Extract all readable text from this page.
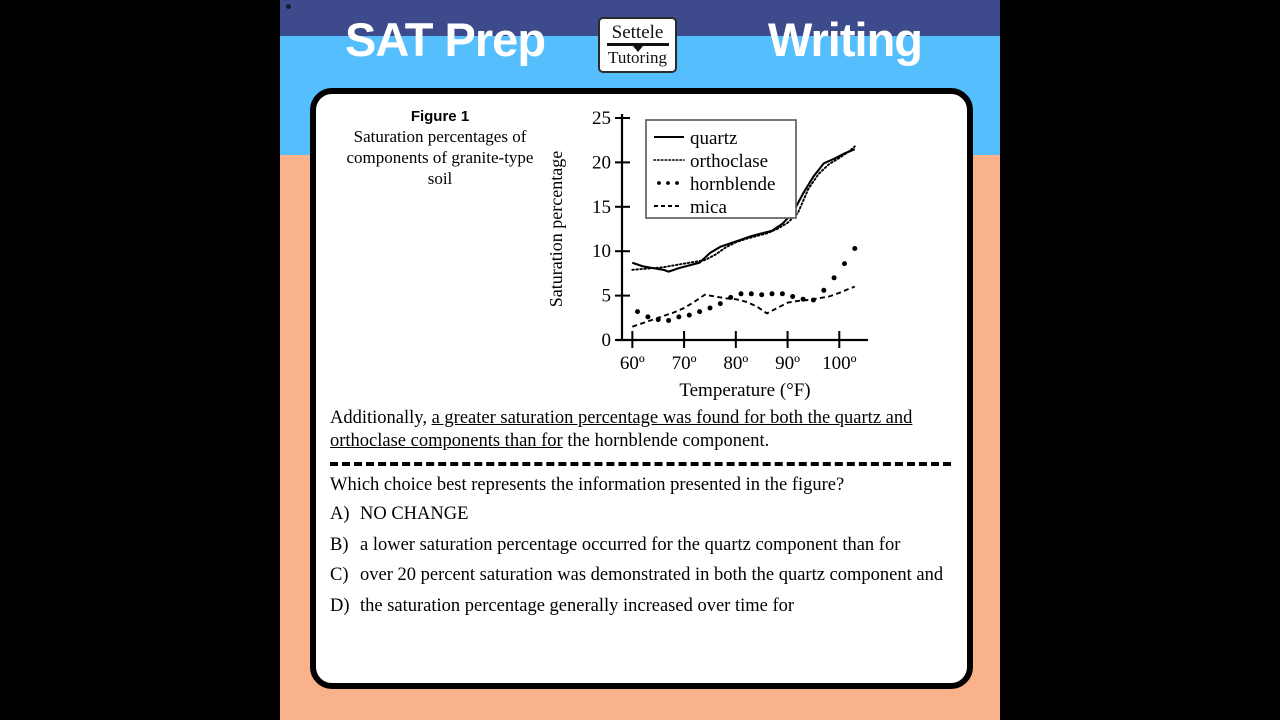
SAT Prep	Writing
Settele
Tutoring
Figure 1
Saturation percentages of components of granite-type soil
0
5
10
15
20
25
60º 70º 80º 90º 100º
Temperature (°F)
Saturation percentage
quartz
orthoclase
hornblende
mica

Additionally, a greater saturation percentage was found for both the quartz and orthoclase components than for the hornblende component.

Which choice best represents the information presented in the figure?

A) NO CHANGE
B) a lower saturation percentage occurred for the quartz component than for
C) over 20 percent saturation was demonstrated in both the quartz component and
D) the saturation percentage generally increased over time for
